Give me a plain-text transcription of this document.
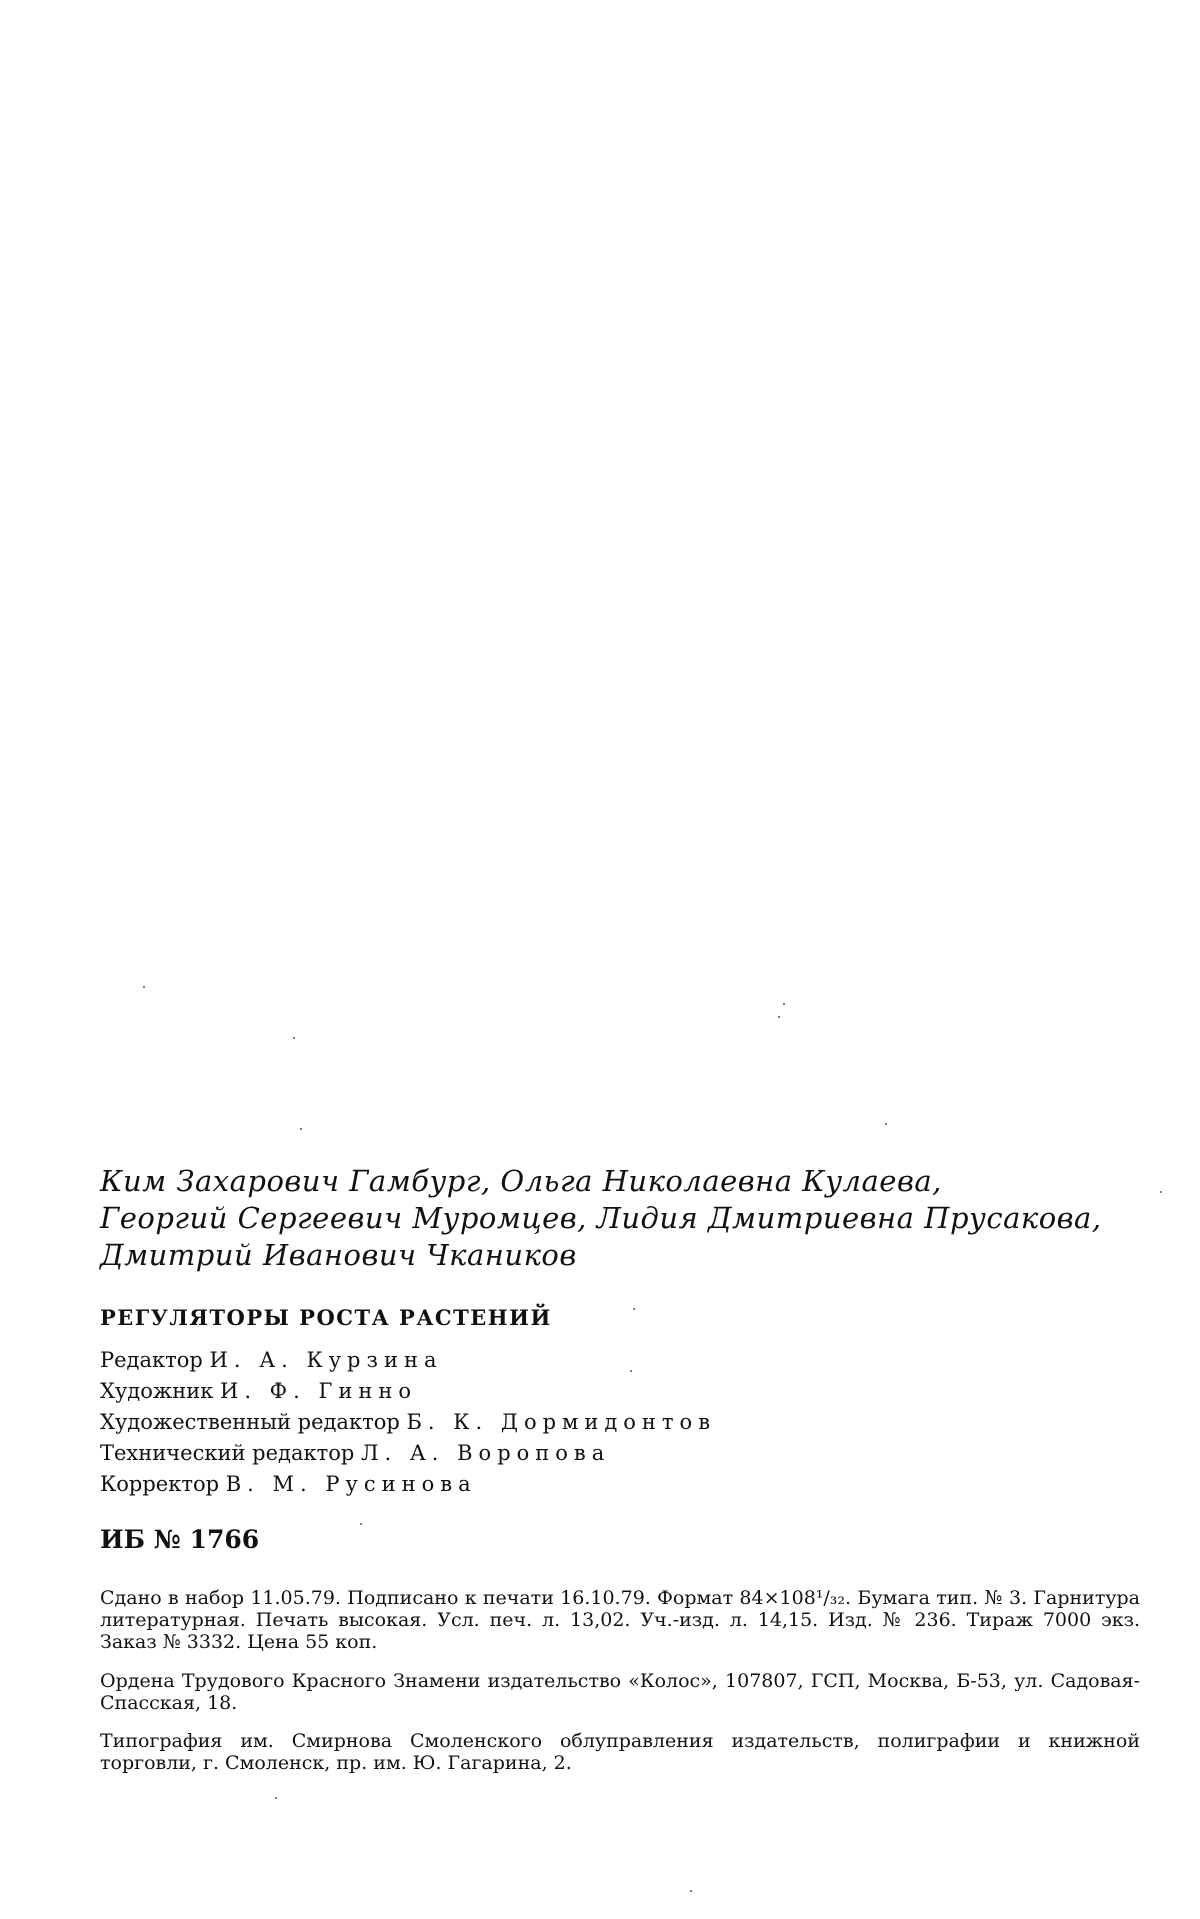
Ким Захарович Гамбург, Ольга Николаевна Кулаева,
Георгий Сергеевич Муромцев, Лидия Дмитриевна Прусакова,
Дмитрий Иванович Чкаников
РЕГУЛЯТОРЫ РОСТА РАСТЕНИЙ
Редактор И. А. Курзина
Художник И. Ф. Гинно
Художественный редактор Б. К. Дормидонтов
Технический редактор Л. А. Воропова
Корректор В. М. Русинова
ИБ № 1766
Сдано в набор 11.05.79. Подписано к печати 16.10.79. Формат 84×108¹/₃₂. Бумага тип. № 3. Гарнитура литературная. Печать высокая. Усл. печ. л. 13,02. Уч.-изд. л. 14,15. Изд. № 236. Тираж 7000 экз. Заказ № 3332. Цена 55 коп.
Ордена Трудового Красного Знамени издательство «Колос», 107807, ГСП, Москва, Б-53, ул. Садовая-Спасская, 18.
Типография им. Смирнова Смоленского облуправления издательств, полиграфии и книжной торговли, г. Смоленск, пр. им. Ю. Гагарина, 2.
